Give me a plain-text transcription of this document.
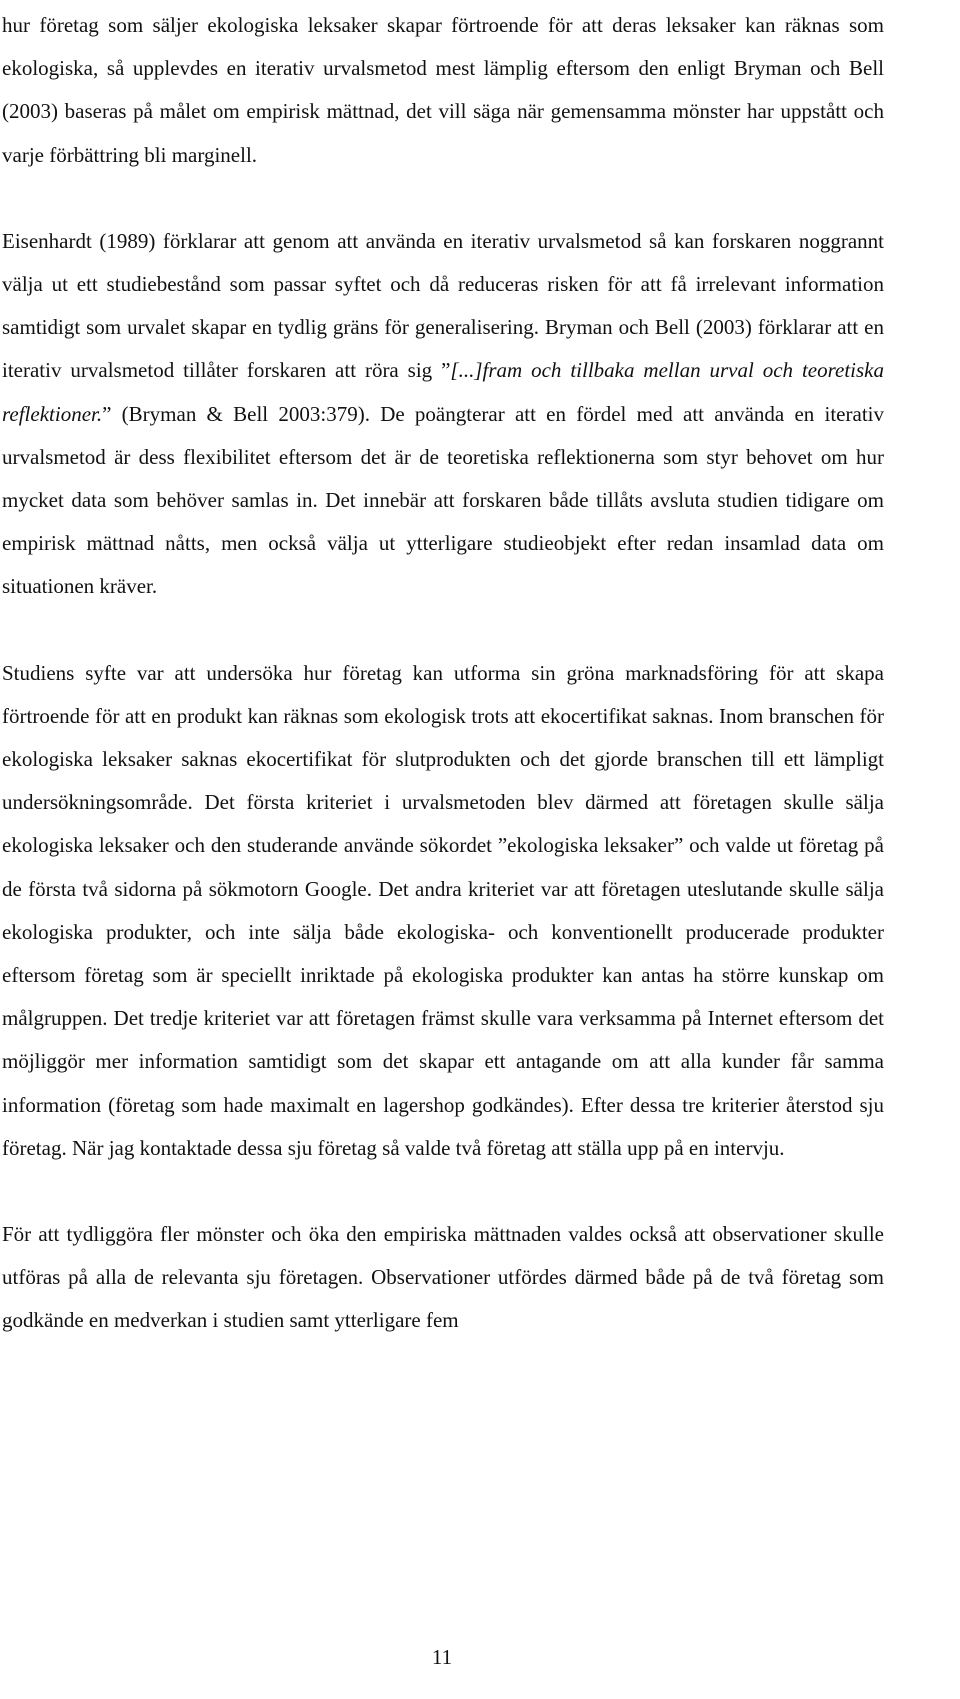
hur företag som säljer ekologiska leksaker skapar förtroende för att deras leksaker kan räknas som ekologiska, så upplevdes en iterativ urvalsmetod mest lämplig eftersom den enligt Bryman och Bell (2003) baseras på målet om empirisk mättnad, det vill säga när gemensamma mönster har uppstått och varje förbättring bli marginell.

Eisenhardt (1989) förklarar att genom att använda en iterativ urvalsmetod så kan forskaren noggrannt välja ut ett studiebestånd som passar syftet och då reduceras risken för att få irrelevant information samtidigt som urvalet skapar en tydlig gräns för generalisering. Bryman och Bell (2003) förklarar att en iterativ urvalsmetod tillåter forskaren att röra sig ”[...]fram och tillbaka mellan urval och teoretiska reflektioner.” (Bryman & Bell 2003:379). De poängterar att en fördel med att använda en iterativ urvalsmetod är dess flexibilitet eftersom det är de teoretiska reflektionerna som styr behovet om hur mycket data som behöver samlas in. Det innebär att forskaren både tillåts avsluta studien tidigare om empirisk mättnad nåtts, men också välja ut ytterligare studieobjekt efter redan insamlad data om situationen kräver.

Studiens syfte var att undersöka hur företag kan utforma sin gröna marknadsföring för att skapa förtroende för att en produkt kan räknas som ekologisk trots att ekocertifikat saknas. Inom branschen för ekologiska leksaker saknas ekocertifikat för slutprodukten och det gjorde branschen till ett lämpligt undersökningsområde. Det första kriteriet i urvalsmetoden blev därmed att företagen skulle sälja ekologiska leksaker och den studerande använde sökordet ”ekologiska leksaker” och valde ut företag på de första två sidorna på sökmotorn Google. Det andra kriteriet var att företagen uteslutande skulle sälja ekologiska produkter, och inte sälja både ekologiska- och konventionellt producerade produkter eftersom företag som är speciellt inriktade på ekologiska produkter kan antas ha större kunskap om målgruppen. Det tredje kriteriet var att företagen främst skulle vara verksamma på Internet eftersom det möjliggör mer information samtidigt som det skapar ett antagande om att alla kunder får samma information (företag som hade maximalt en lagershop godkändes). Efter dessa tre kriterier återstod sju företag. När jag kontaktade dessa sju företag så valde två företag att ställa upp på en intervju.

För att tydliggöra fler mönster och öka den empiriska mättnaden valdes också att observationer skulle utföras på alla de relevanta sju företagen. Observationer utfördes därmed både på de två företag som godkände en medverkan i studien samt ytterligare fem

11
